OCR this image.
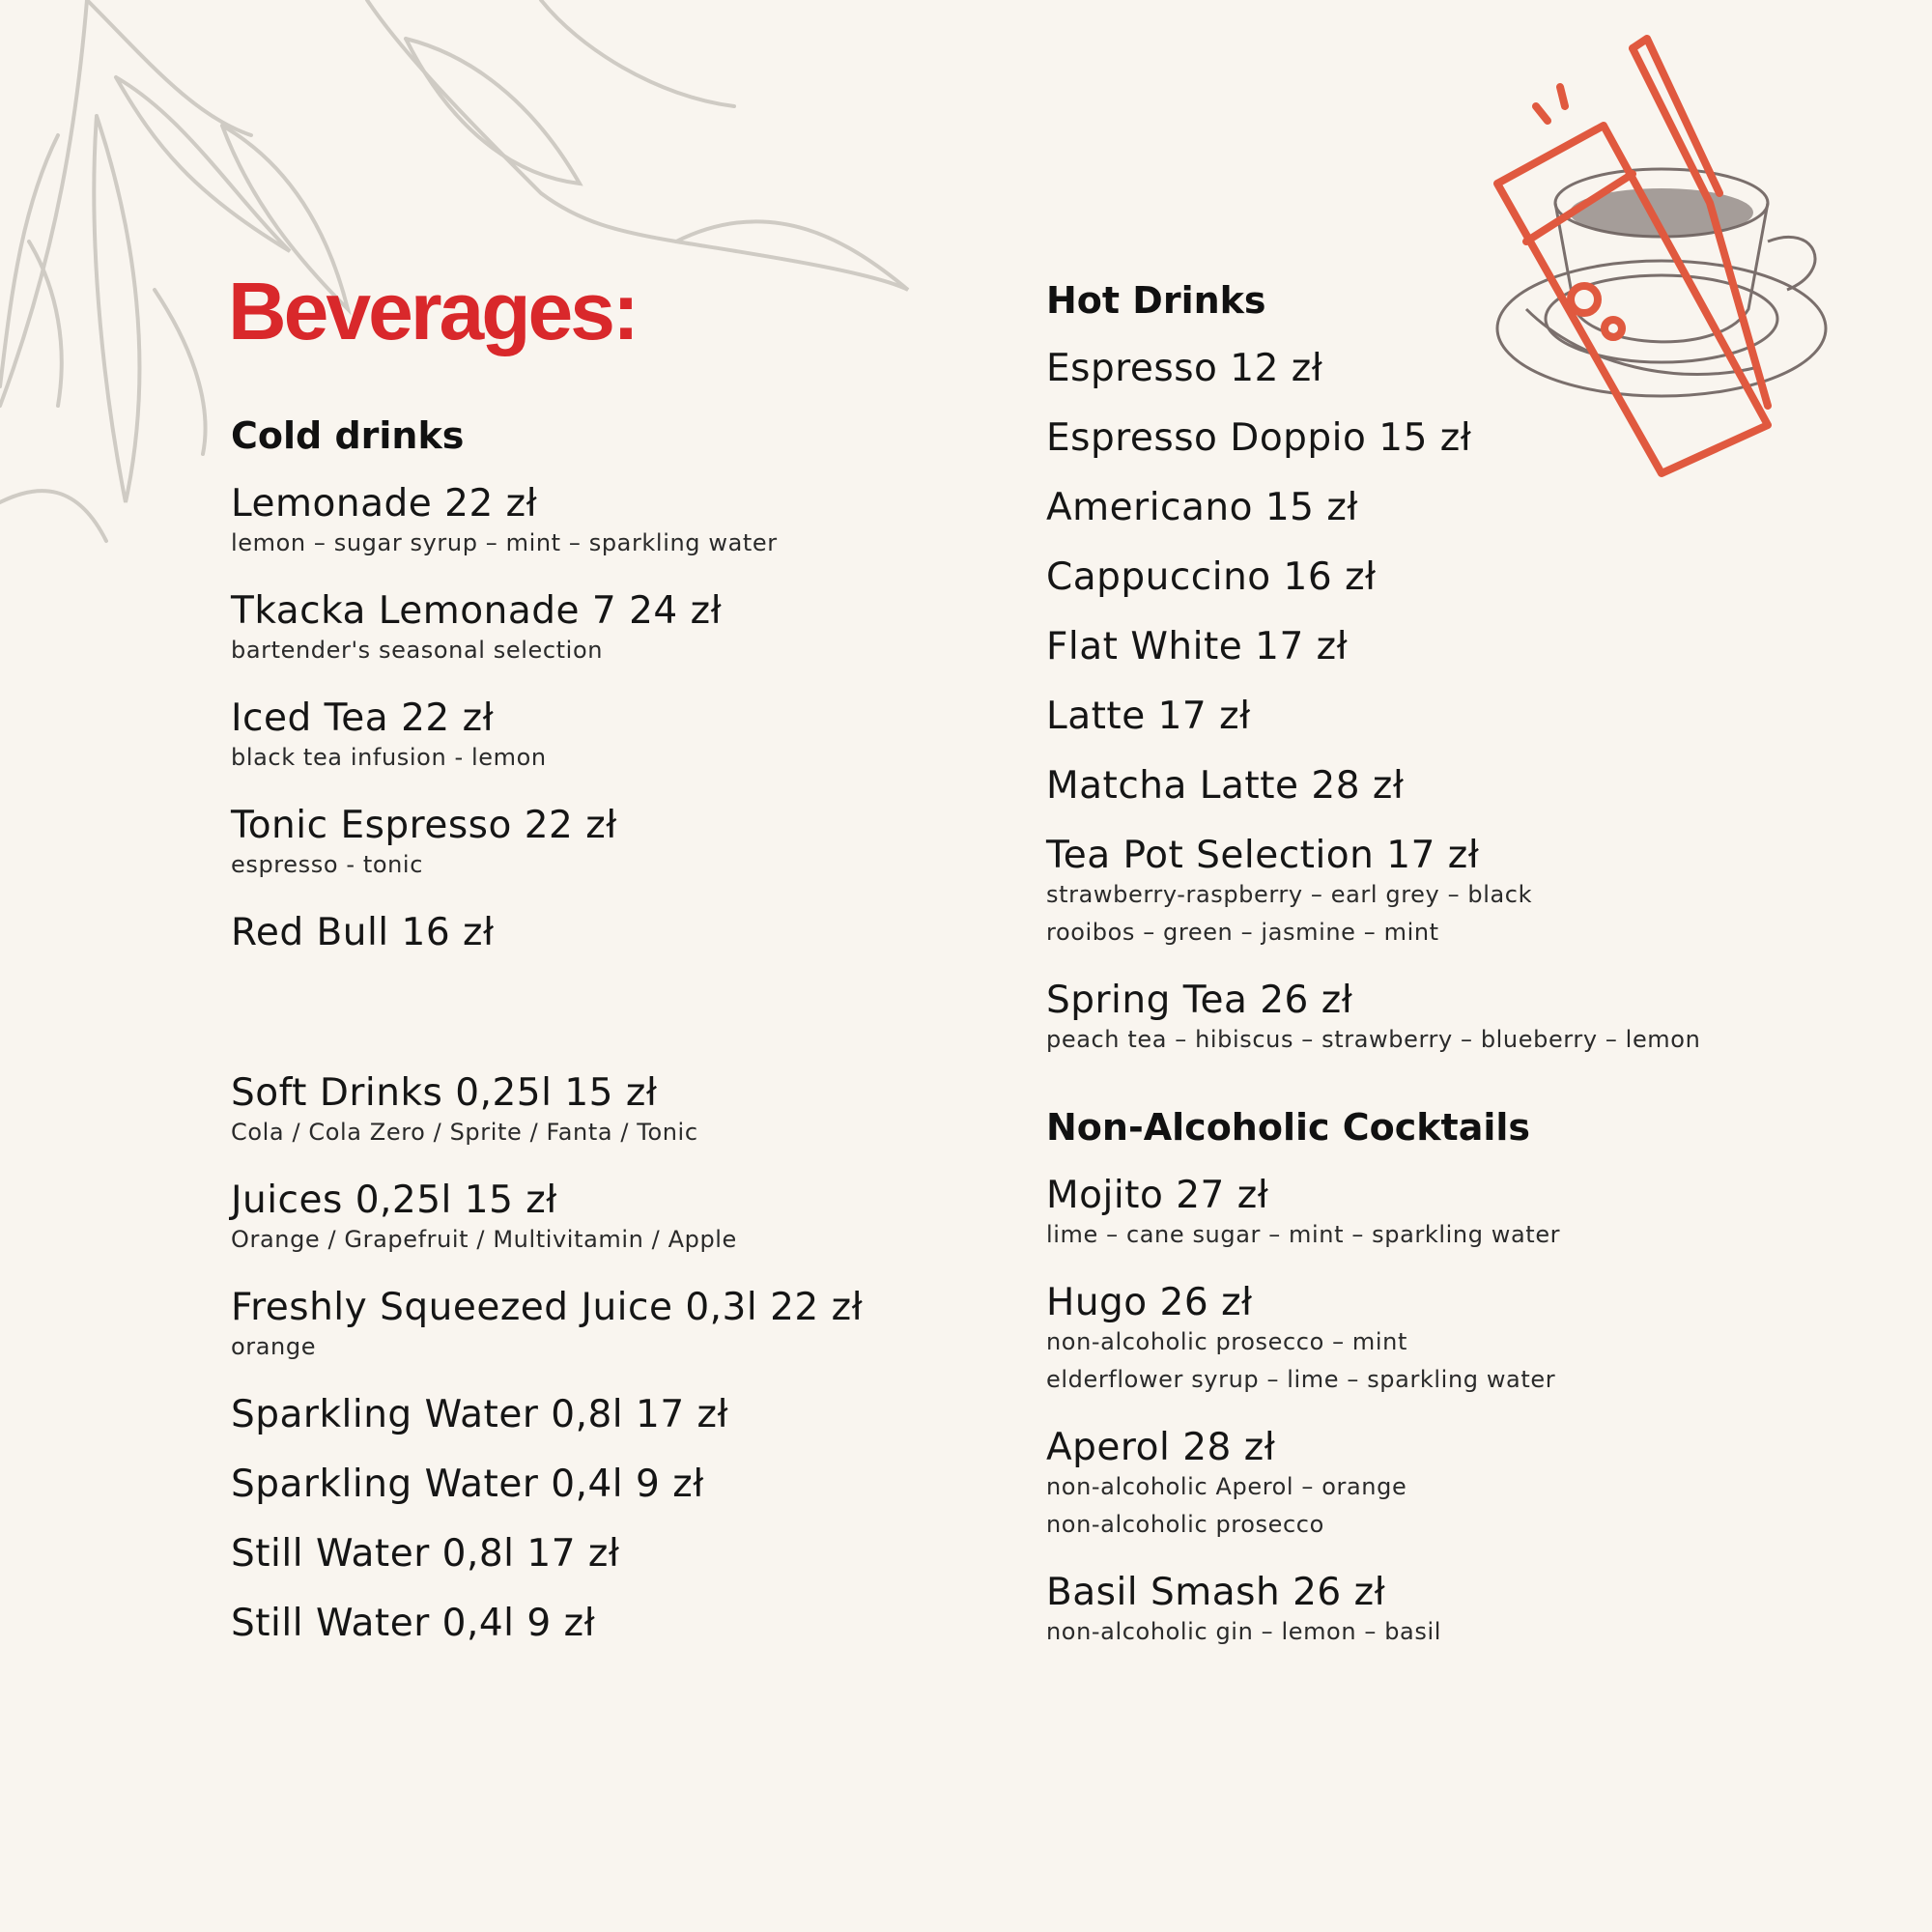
Beverages:
Cold drinks
Lemonade 22 zł
lemon – sugar syrup – mint – sparkling water
Tkacka Lemonade 7 24 zł
bartender's seasonal selection
Iced Tea 22 zł
black tea infusion - lemon
Tonic Espresso 22 zł
espresso - tonic
Red Bull 16 zł
Soft Drinks 0,25l 15 zł
Cola / Cola Zero / Sprite / Fanta / Tonic
Juices 0,25l 15 zł
Orange / Grapefruit / Multivitamin / Apple
Freshly Squeezed Juice 0,3l 22 zł
orange
Sparkling Water 0,8l 17 zł
Sparkling Water 0,4l 9 zł
Still Water 0,8l 17 zł
Still Water 0,4l 9 zł
Hot Drinks
Espresso 12 zł
Espresso Doppio 15 zł
Americano 15 zł
Cappuccino 16 zł
Flat White 17 zł
Latte 17 zł
Matcha Latte 28 zł
Tea Pot Selection 17 zł
strawberry-raspberry – earl grey – black
rooibos – green – jasmine – mint
Spring Tea 26 zł
peach tea – hibiscus – strawberry – blueberry – lemon
Non-Alcoholic Cocktails
Mojito 27 zł
lime – cane sugar – mint – sparkling water
Hugo 26 zł
non-alcoholic prosecco – mint
elderflower syrup – lime – sparkling water
Aperol 28 zł
non-alcoholic Aperol – orange
non-alcoholic prosecco
Basil Smash 26 zł
non-alcoholic gin – lemon – basil
